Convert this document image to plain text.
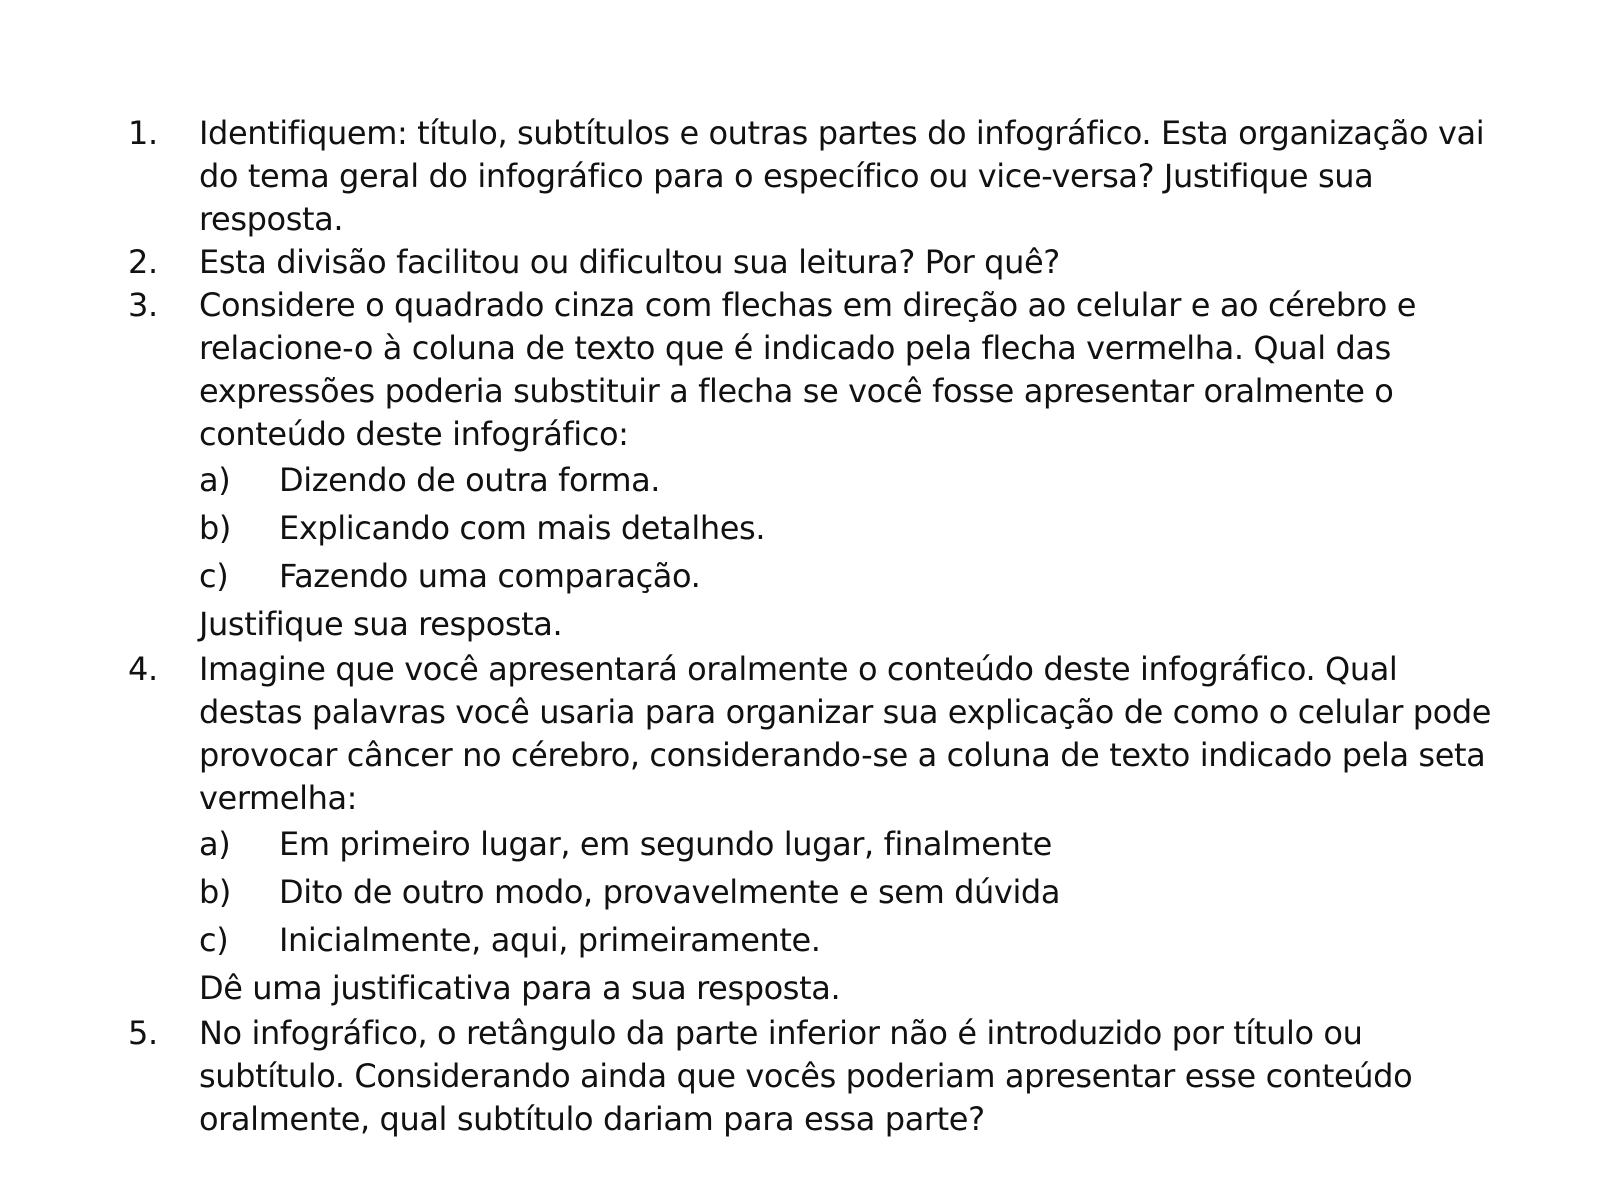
1.	Identifiquem: título, subtítulos e outras partes do infográfico. Esta organização vai do tema geral do infográfico para o específico ou vice-versa? Justifique sua resposta.
2.	Esta divisão facilitou ou dificultou sua leitura? Por quê?
3.	Considere o quadrado cinza com flechas em direção ao celular e ao cérebro e relacione-o à coluna de texto que é indicado pela flecha vermelha. Qual das expressões poderia substituir a flecha se você fosse apresentar oralmente o conteúdo deste infográfico:
a)	Dizendo de outra forma.
b)	Explicando com mais detalhes.
c)	Fazendo uma comparação.
Justifique sua resposta.
4.	Imagine que você apresentará oralmente o conteúdo deste infográfico. Qual destas palavras você usaria para organizar sua explicação de como o celular pode provocar câncer no cérebro, considerando-se a coluna de texto indicado pela seta vermelha:
a)	Em primeiro lugar, em segundo lugar, finalmente
b)	Dito de outro modo, provavelmente e sem dúvida
c)	Inicialmente, aqui, primeiramente.
Dê uma justificativa para a sua resposta.
5.	No infográfico, o retângulo da parte inferior não é introduzido por título ou subtítulo. Considerando ainda que vocês poderiam apresentar esse conteúdo oralmente, qual subtítulo dariam para essa parte?
